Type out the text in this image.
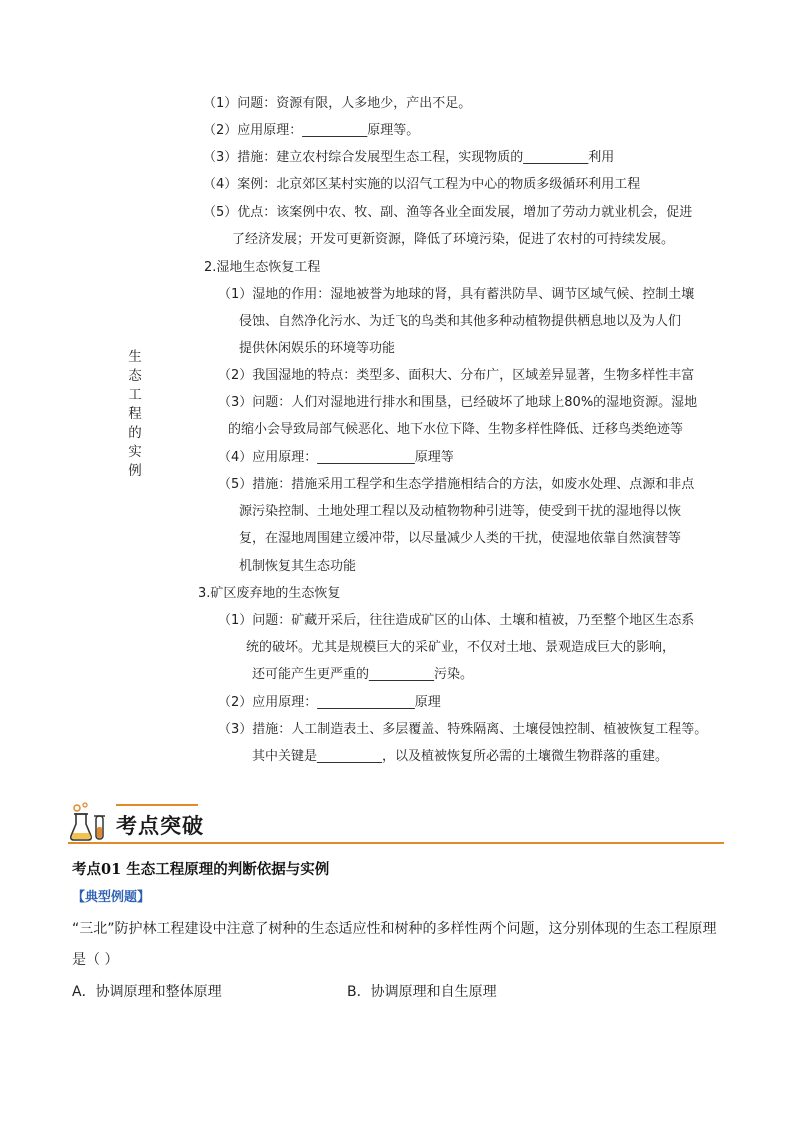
（1）问题：资源有限，人多地少，产出不足。
（2）应用原理：__________原理等。
（3）措施：建立农村综合发展型生态工程，实现物质的__________利用
（4）案例：北京郊区某村实施的以沼气工程为中心的物质多级循环利用工程
（5）优点：该案例中农、牧、副、渔等各业全面发展，增加了劳动力就业机会，促进
了经济发展；开发可更新资源，降低了环境污染，促进了农村的可持续发展。
2.湿地生态恢复工程
（1）湿地的作用：湿地被誉为地球的肾，具有蓄洪防旱、调节区域气候、控制土壤
侵蚀、自然净化污水、为迁飞的鸟类和其他多种动植物提供栖息地以及为人们
提供休闲娱乐的环境等功能
（2）我国湿地的特点：类型多、面积大、分布广，区域差异显著，生物多样性丰富
（3）问题：人们对湿地进行排水和围垦，已经破坏了地球上80%的湿地资源。湿地
的缩小会导致局部气候恶化、地下水位下降、生物多样性降低、迁移鸟类绝迹等
（4）应用原理：_______________原理等
（5）措施：措施采用工程学和生态学措施相结合的方法，如废水处理、点源和非点
源污染控制、土地处理工程以及动植物物种引进等，使受到干扰的湿地得以恢
复，在湿地周围建立缓冲带，以尽量减少人类的干扰，使湿地依靠自然演替等
机制恢复其生态功能
3.矿区废弃地的生态恢复
（1）问题：矿藏开采后，往往造成矿区的山体、土壤和植被，乃至整个地区生态系
统的破坏。尤其是规模巨大的采矿业，不仅对土地、景观造成巨大的影响，
还可能产生更严重的__________污染。
（2）应用原理：_______________原理
（3）措施：人工制造表土、多层覆盖、特殊隔离、土壤侵蚀控制、植被恢复工程等。
其中关键是__________，以及植被恢复所必需的土壤微生物群落的重建。
生态工程的实例
考点突破
考点01 生态工程原理的判断依据与实例
【典型例题】
“三北”防护林工程建设中注意了树种的生态适应性和树种的多样性两个问题，这分别体现的生态工程原理
是（ ）
A．协调原理和整体原理	B．协调原理和自生原理
